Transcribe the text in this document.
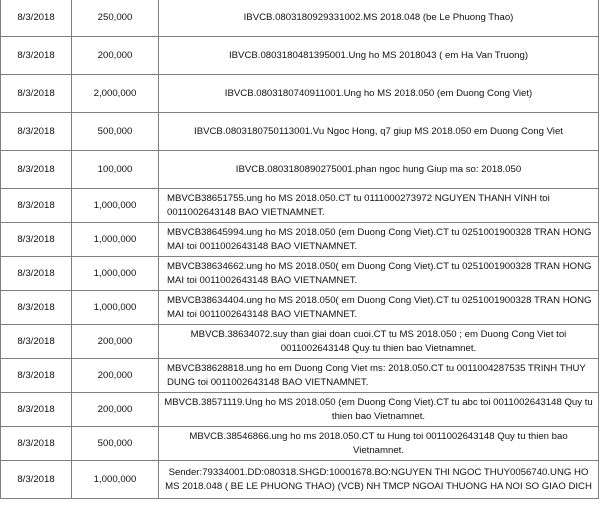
8/3/2018	250,000	IBVCB.0803180929331002.MS 2018.048 (be Le Phuong Thao)
8/3/2018	200,000	IBVCB.0803180481395001.Ung ho MS 2018043 ( em Ha Van Truong)
8/3/2018	2,000,000	IBVCB.0803180740911001.Ung ho MS 2018.050 (em Duong Cong Viet)
8/3/2018	500,000	IBVCB.0803180750113001.Vu Ngoc Hong, q7 giup MS 2018.050 em Duong Cong Viet
8/3/2018	100,000	IBVCB.0803180890275001.phan ngoc hung Giup ma so: 2018.050
8/3/2018	1,000,000	MBVCB38651755.ung ho MS 2018.050.CT tu 0111000273972 NGUYEN THANH VINH toi 0011002643148 BAO VIETNAMNET.
8/3/2018	1,000,000	MBVCB38645994.ung ho MS 2018.050 (em Duong Cong Viet).CT tu 0251001900328 TRAN HONG MAI toi 0011002643148 BAO VIETNAMNET.
8/3/2018	1,000,000	MBVCB38634662.ung ho MS 2018.050( em Duong Cong Viet).CT tu 0251001900328 TRAN HONG MAI toi 0011002643148 BAO VIETNAMNET.
8/3/2018	1,000,000	MBVCB38634404.ung ho MS 2018.050( em Duong Cong Viet).CT tu 0251001900328 TRAN HONG MAI toi 0011002643148 BAO VIETNAMNET.
8/3/2018	200,000	MBVCB.38634072.suy than giai doan cuoi.CT tu MS 2018.050 ; em Duong Cong Viet toi 0011002643148 Quy tu thien bao Vietnamnet.
8/3/2018	200,000	MBVCB38628818.ung ho em Duong Cong Viet ms: 2018.050.CT tu 0011004287535 TRINH THUY DUNG toi 0011002643148 BAO VIETNAMNET.
8/3/2018	200,000	MBVCB.38571119.Ung ho MS 2018.050 (em Duong Cong Viet).CT tu abc toi 0011002643148 Quy tu thien bao Vietnamnet.
8/3/2018	500,000	MBVCB.38546866.ung ho ms 2018.050.CT tu Hung toi 0011002643148 Quy tu thien bao Vietnamnet.
8/3/2018	1,000,000	Sender:79334001.DD:080318.SHGD:10001678.BO:NGUYEN THI NGOC THUY0056740.UNG HO MS 2018.048 ( BE LE PHUONG THAO) (VCB) NH TMCP NGOAI THUONG HA NOI SO GIAO DICH
